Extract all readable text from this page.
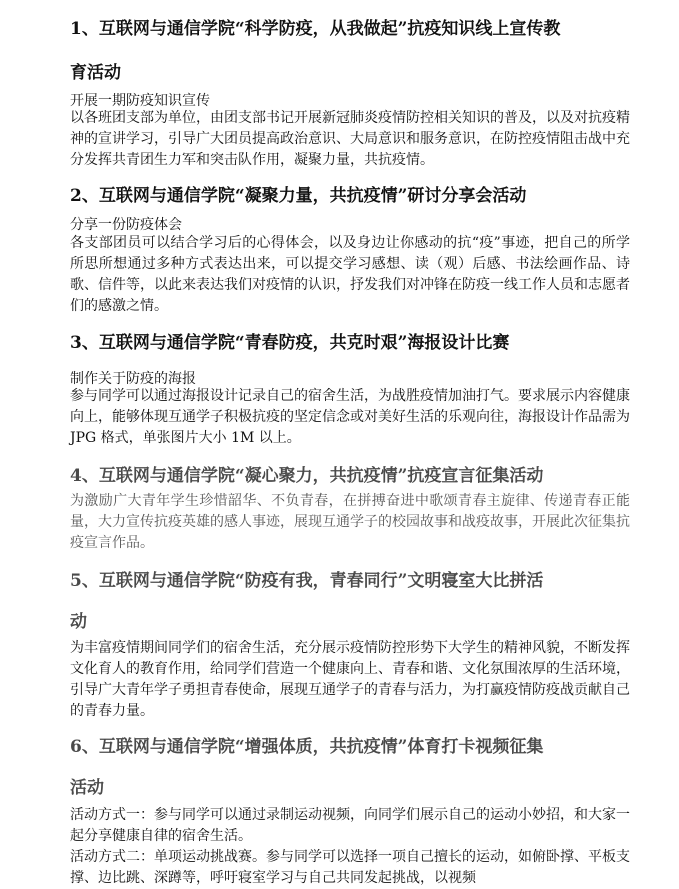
1、互联网与通信学院“科学防疫，从我做起”抗疫知识线上宣传教

育活动

开展一期防疫知识宣传

以各班团支部为单位，由团支部书记开展新冠肺炎疫情防控相关知识的普及，以及对抗疫精神的宣讲学习，引导广大团员提高政治意识、大局意识和服务意识，在防控疫情阻击战中充分发挥共青团生力军和突击队作用，凝聚力量，共抗疫情。

2、互联网与通信学院“凝聚力量，共抗疫情”研讨分享会活动

分享一份防疫体会

各支部团员可以结合学习后的心得体会，以及身边让你感动的抗“疫”事迹，把自己的所学所思所想通过多种方式表达出来，可以提交学习感想、读（观）后感、书法绘画作品、诗歌、信件等，以此来表达我们对疫情的认识，抒发我们对冲锋在防疫一线工作人员和志愿者们的感激之情。

3、互联网与通信学院“青春防疫，共克时艰”海报设计比赛

制作关于防疫的海报

参与同学可以通过海报设计记录自己的宿舍生活，为战胜疫情加油打气。要求展示内容健康向上，能够体现互通学子积极抗疫的坚定信念或对美好生活的乐观向往，海报设计作品需为 JPG 格式，单张图片大小 1M 以上。

4、互联网与通信学院“凝心聚力，共抗疫情”抗疫宣言征集活动

为激励广大青年学生珍惜韶华、不负青春，在拼搏奋进中歌颂青春主旋律、传递青春正能量，大力宣传抗疫英雄的感人事迹，展现互通学子的校园故事和战疫故事，开展此次征集抗疫宣言作品。

5、互联网与通信学院“防疫有我，青春同行”文明寝室大比拼活

动

为丰富疫情期间同学们的宿舍生活，充分展示疫情防控形势下大学生的精神风貌，不断发挥文化育人的教育作用，给同学们营造一个健康向上、青春和谐、文化氛围浓厚的生活环境，引导广大青年学子勇担青春使命，展现互通学子的青春与活力，为打赢疫情防疫战贡献自己的青春力量。

6、互联网与通信学院“增强体质，共抗疫情”体育打卡视频征集

活动

活动方式一：参与同学可以通过录制运动视频，向同学们展示自己的运动小妙招，和大家一起分享健康自律的宿舍生活。

活动方式二：单项运动挑战赛。参与同学可以选择一项自己擅长的运动，如俯卧撑、平板支撑、边比跳、深蹲等，呼吁寝室学习与自己共同发起挑战，以视频
